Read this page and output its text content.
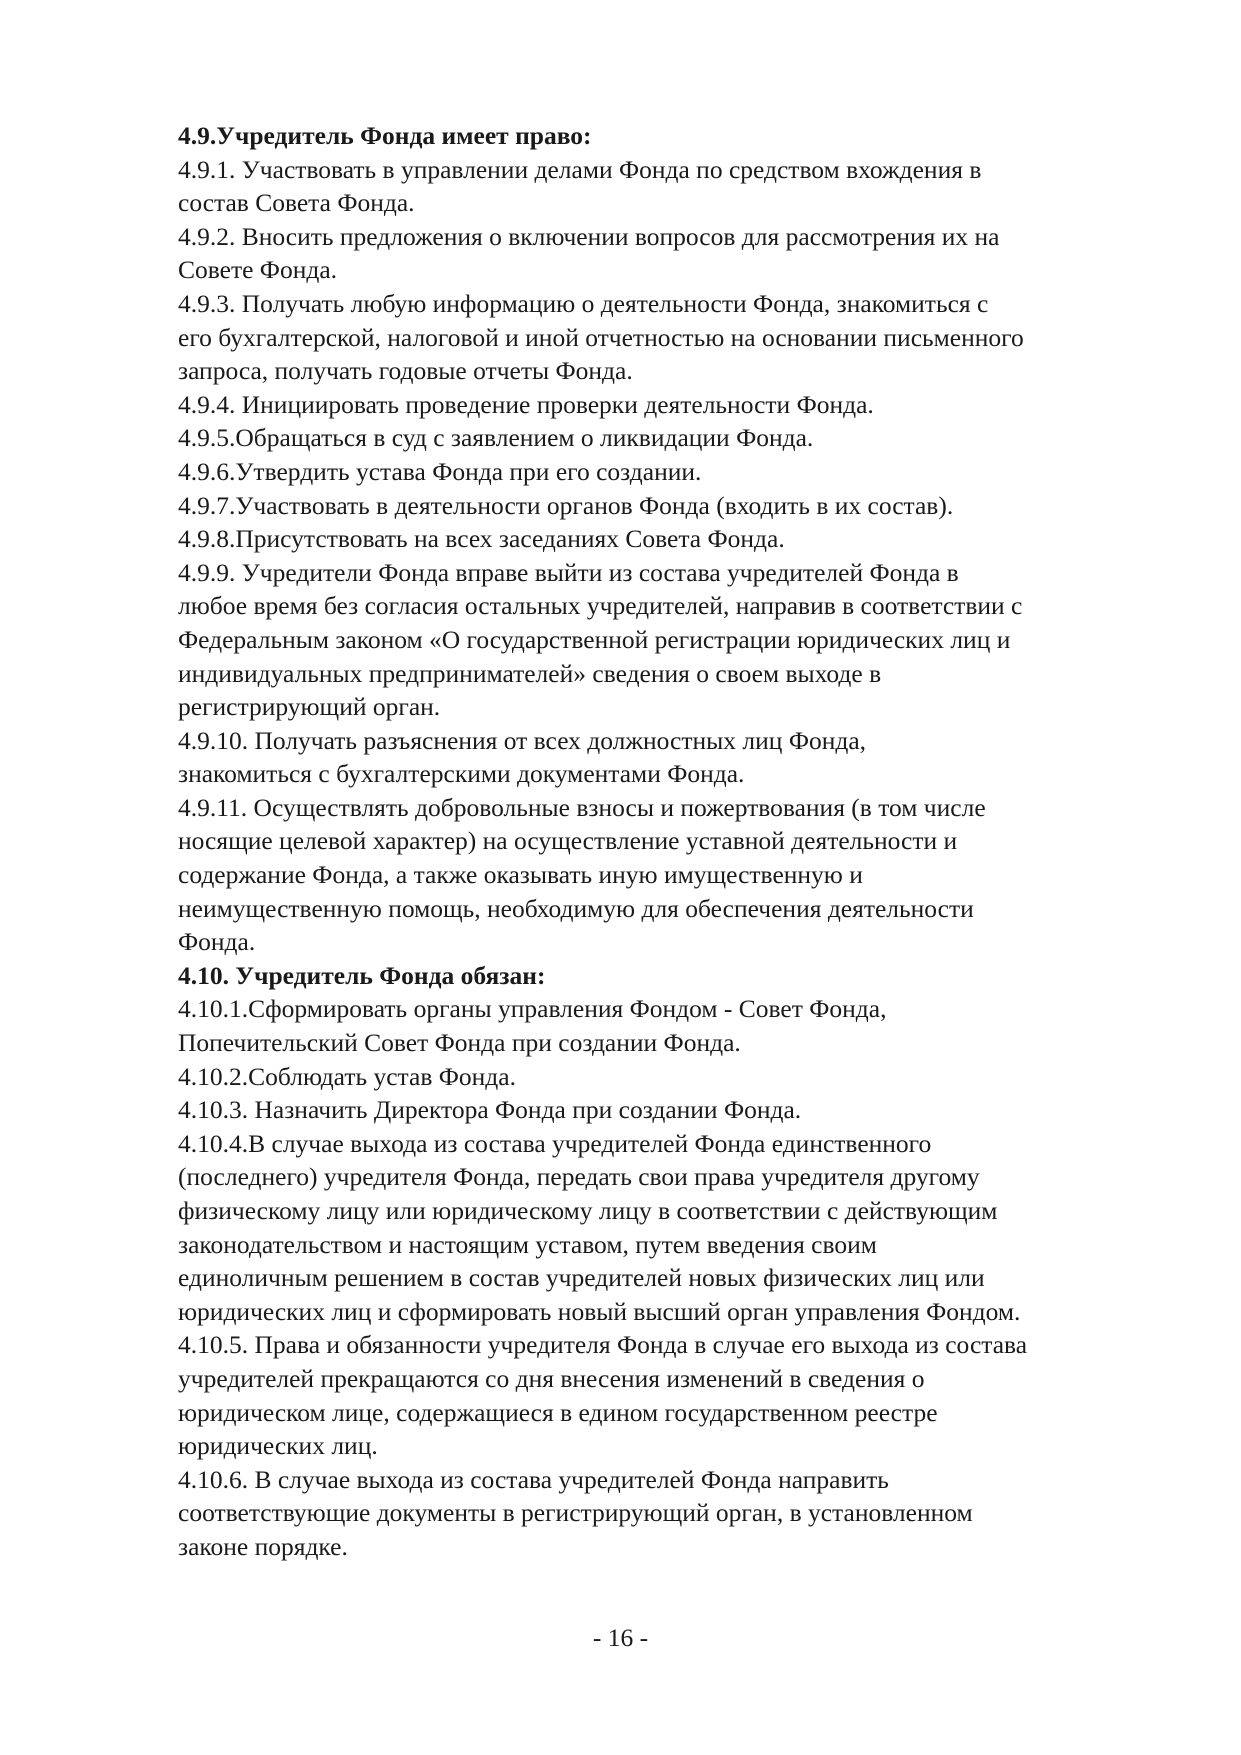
4.9.Учредитель Фонда имеет право:
4.9.1. Участвовать в управлении делами Фонда по средством вхождения в
состав Совета Фонда.
4.9.2. Вносить предложения о включении вопросов для рассмотрения их на
Совете Фонда.
4.9.3. Получать любую информацию о деятельности Фонда, знакомиться с
его бухгалтерской, налоговой и иной отчетностью на основании письменного
запроса, получать годовые отчеты Фонда.
4.9.4. Инициировать проведение проверки деятельности Фонда.
4.9.5.Обращаться в суд с заявлением о ликвидации Фонда.
4.9.6.Утвердить устава Фонда при его создании.
4.9.7.Участвовать в деятельности органов Фонда (входить в их состав).
4.9.8.Присутствовать на всех заседаниях Совета Фонда.
4.9.9. Учредители Фонда вправе выйти из состава учредителей Фонда в
любое время без согласия остальных учредителей, направив в соответствии с
Федеральным законом «О государственной регистрации юридических лиц и
индивидуальных предпринимателей» сведения о своем выходе в
регистрирующий орган.
4.9.10. Получать разъяснения от всех должностных лиц Фонда,
знакомиться с бухгалтерскими документами Фонда.
4.9.11. Осуществлять добровольные взносы и пожертвования (в том числе
носящие целевой характер) на осуществление уставной деятельности и
содержание Фонда, а также оказывать иную имущественную и
неимущественную помощь, необходимую для обеспечения деятельности
Фонда.
4.10. Учредитель Фонда обязан:
4.10.1.Сформировать органы управления Фондом - Совет Фонда,
Попечительский Совет Фонда при создании Фонда.
4.10.2.Соблюдать устав Фонда.
4.10.3. Назначить Директора Фонда при создании Фонда.
4.10.4.В случае выхода из состава учредителей Фонда единственного
(последнего) учредителя Фонда, передать свои права учредителя другому
физическому лицу или юридическому лицу в соответствии с действующим
законодательством и настоящим уставом, путем введения своим
единоличным решением в состав учредителей новых физических лиц или
юридических лиц и сформировать новый высший орган управления Фондом.
4.10.5. Права и обязанности учредителя Фонда в случае его выхода из состава
учредителей прекращаются со дня внесения изменений в сведения о
юридическом лице, содержащиеся в едином государственном реестре
юридических лиц.
4.10.6. В случае выхода из состава учредителей Фонда направить
соответствующие документы в регистрирующий орган, в установленном
законе порядке.
- 16 -
